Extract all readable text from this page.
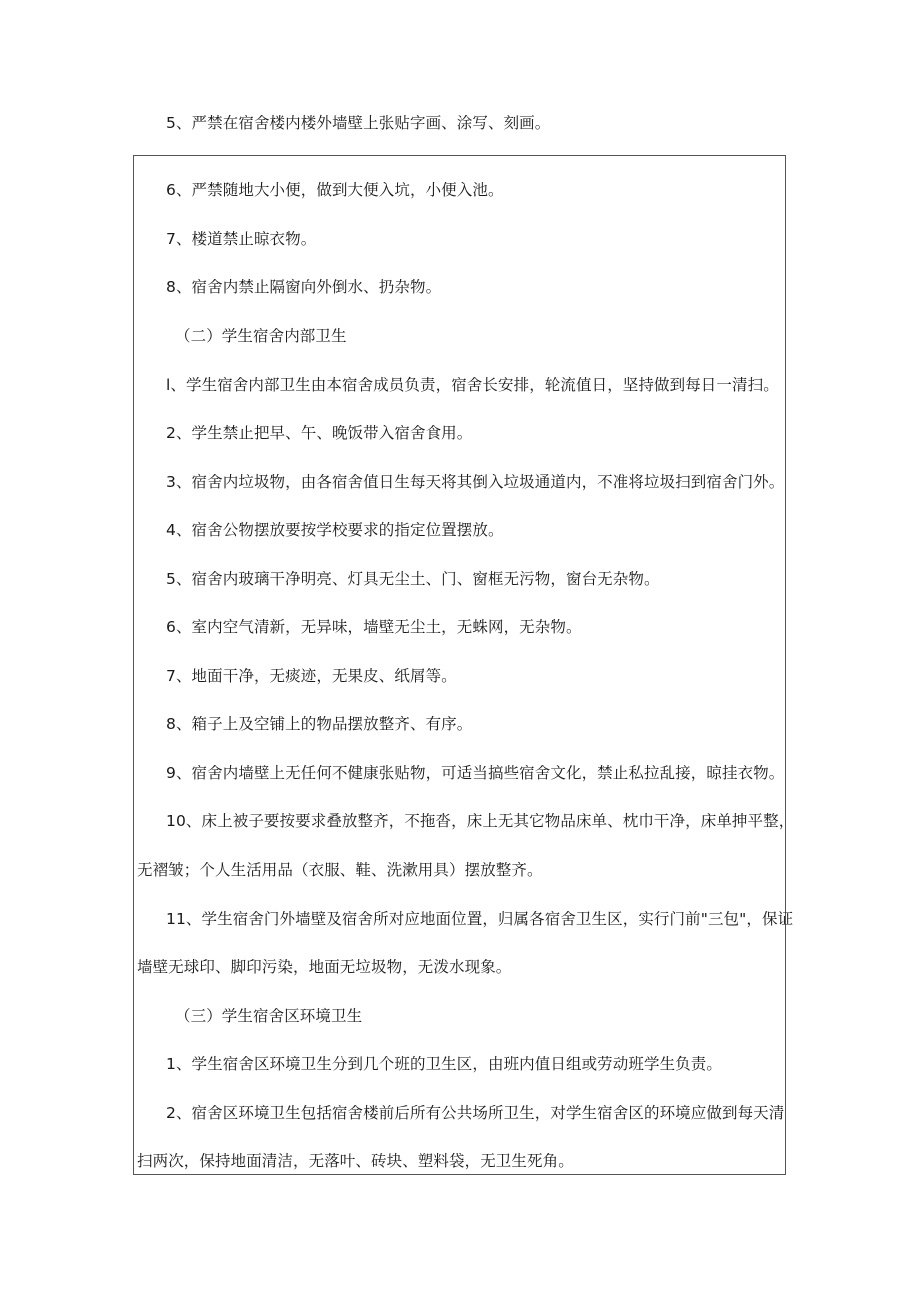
5、严禁在宿舍楼内楼外墙壁上张贴字画、涂写、刻画。
6、严禁随地大小便，做到大便入坑，小便入池。
7、楼道禁止晾衣物。
8、宿舍内禁止隔窗向外倒水、扔杂物。
（二）学生宿舍内部卫生
l、学生宿舍内部卫生由本宿舍成员负责，宿舍长安排，轮流值日，坚持做到每日一清扫。
2、学生禁止把早、午、晚饭带入宿舍食用。
3、宿舍内垃圾物，由各宿舍值日生每天将其倒入垃圾通道内，不准将垃圾扫到宿舍门外。
4、宿舍公物摆放要按学校要求的指定位置摆放。
5、宿舍内玻璃干净明亮、灯具无尘土、门、窗框无污物，窗台无杂物。
6、室内空气清新，无异味，墙壁无尘土，无蛛网，无杂物。
7、地面干净，无痰迹，无果皮、纸屑等。
8、箱子上及空铺上的物品摆放整齐、有序。
9、宿舍内墙壁上无任何不健康张贴物，可适当搞些宿舍文化，禁止私拉乱接，晾挂衣物。
10、床上被子要按要求叠放整齐，不拖沓，床上无其它物品床单、枕巾干净，床单抻平整，
无褶皱；个人生活用品（衣服、鞋、洗漱用具）摆放整齐。
11、学生宿舍门外墙壁及宿舍所对应地面位置，归属各宿舍卫生区，实行门前"三包"，保证
墙壁无球印、脚印污染，地面无垃圾物，无泼水现象。
（三）学生宿舍区环境卫生
1、学生宿舍区环境卫生分到几个班的卫生区，由班内值日组或劳动班学生负责。
2、宿舍区环境卫生包括宿舍楼前后所有公共场所卫生，对学生宿舍区的环境应做到每天清
扫两次，保持地面清洁，无落叶、砖块、塑料袋，无卫生死角。
